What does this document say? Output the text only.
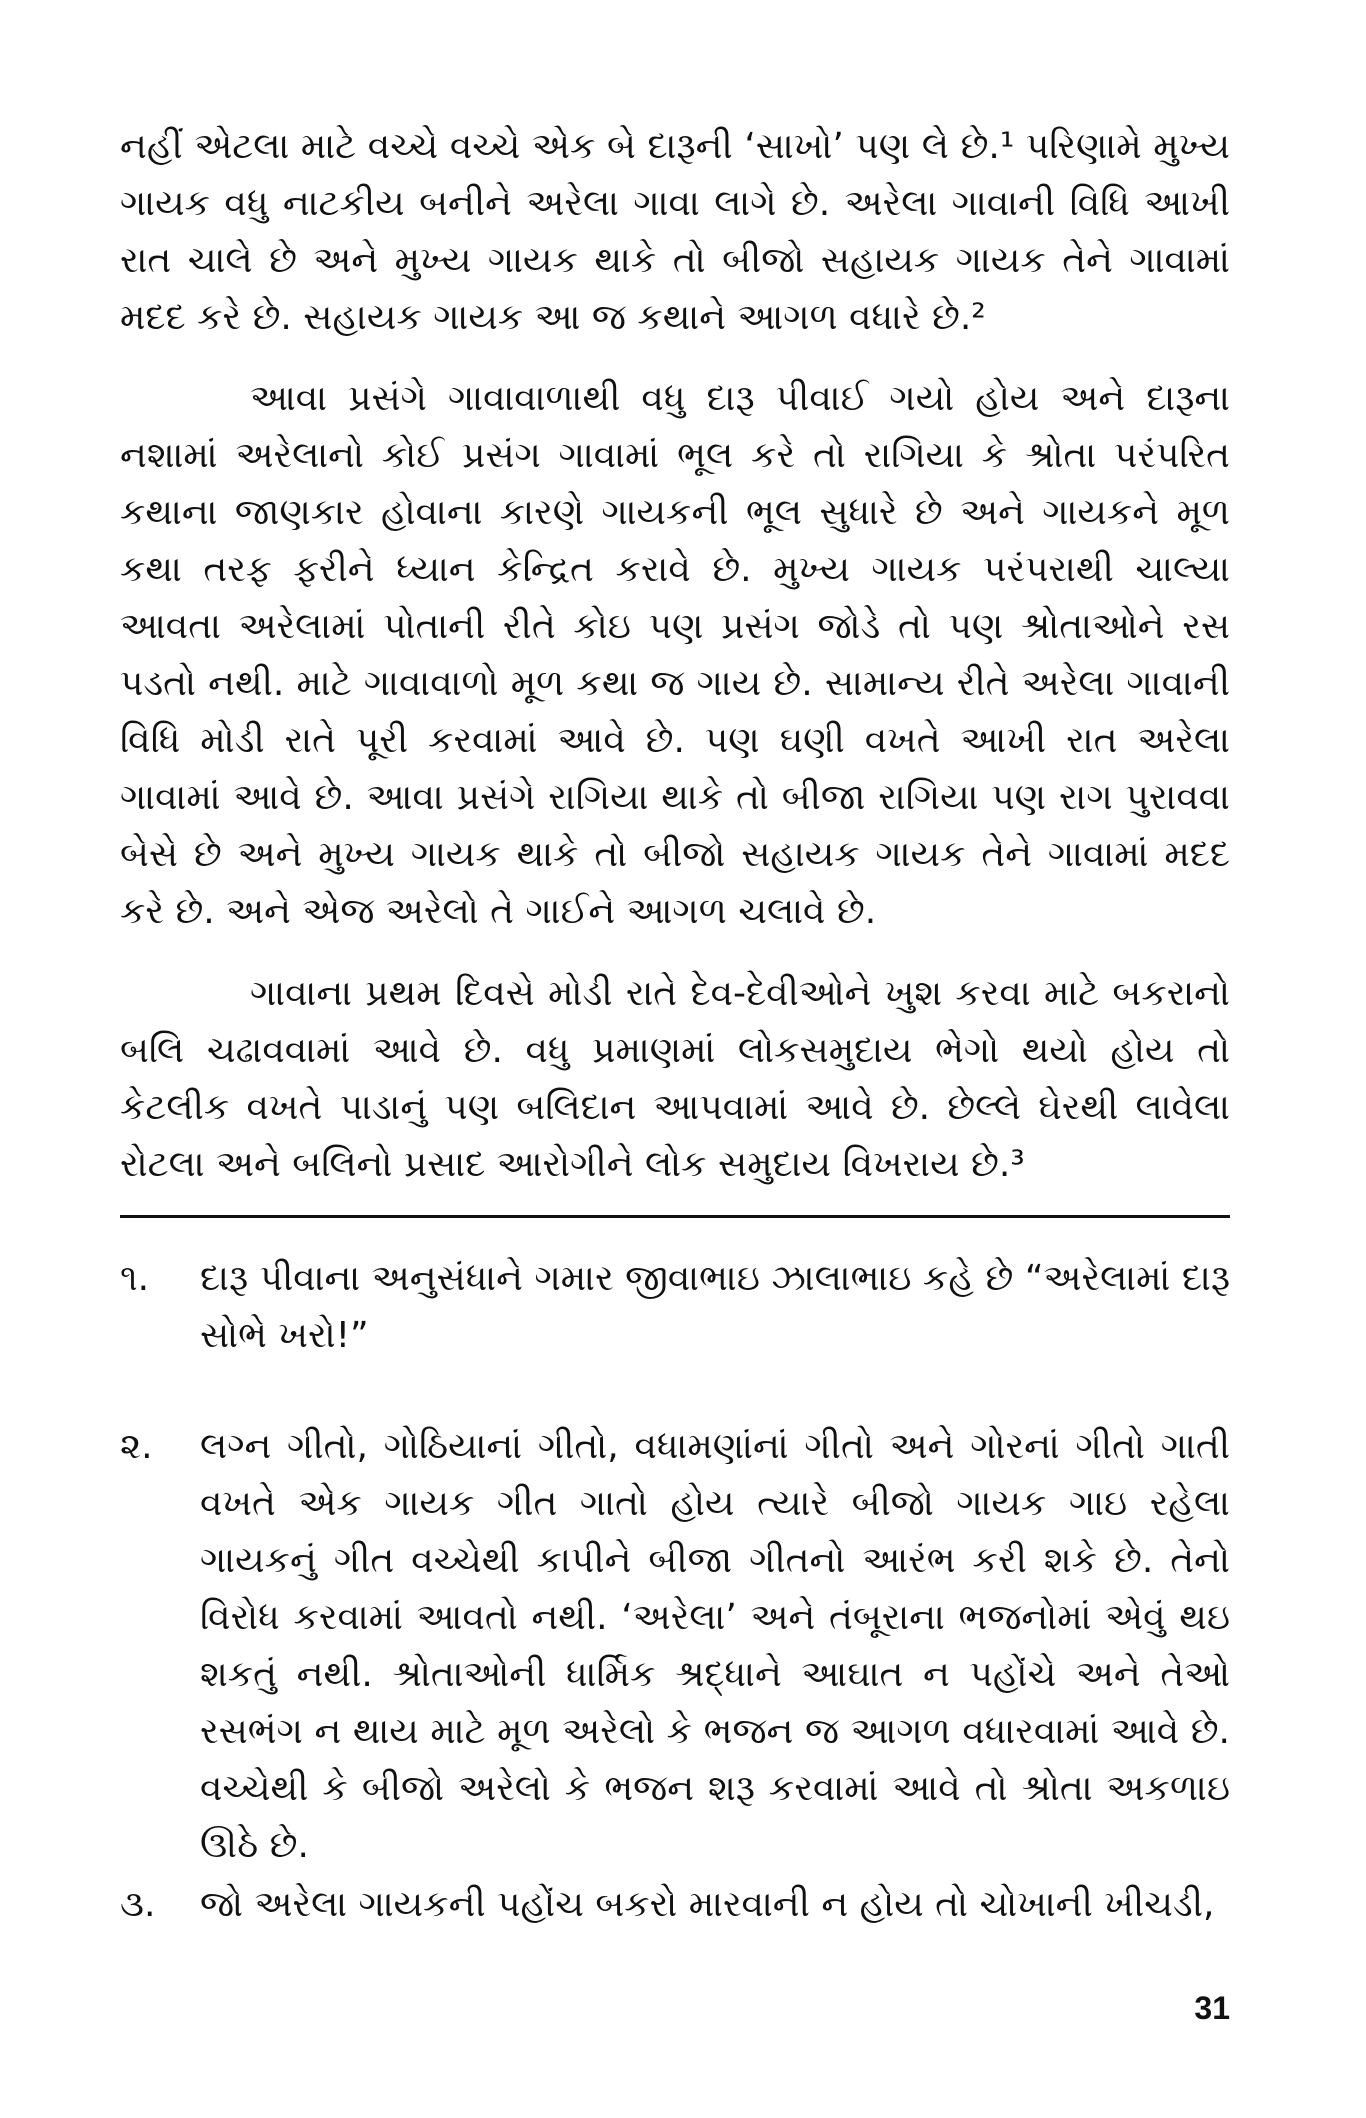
નહીં એટલા માટે વચ્ચે વચ્ચે એક બે દારૂની ‘સાખો’ પણ લે છે.¹ પરિણામે મુખ્ય ગાયક વધુ નાટકીય બનીને અરેલા ગાવા લાગે છે. અરેલા ગાવાની વિધિ આખી રાત ચાલે છે અને મુખ્ય ગાયક થાકે તો બીજો સહાયક ગાયક તેને ગાવામાં મદદ કરે છે. સહાયક ગાયક આ જ કથાને આગળ વધારે છે.²

આવા પ્રસંગે ગાવાવાળાથી વધુ દારૂ પીવાઈ ગયો હોય અને દારૂના નશામાં અરેલાનો કોઈ પ્રસંગ ગાવામાં ભૂલ કરે તો રાગિયા કે શ્રોતા પરંપરિત કથાના જાણકાર હોવાના કારણે ગાયકની ભૂલ સુધારે છે અને ગાયકને મૂળ કથા તરફ ફરીને ધ્યાન કેન્દ્રિત કરાવે છે. મુખ્ય ગાયક પરંપરાથી ચાલ્યા આવતા અરેલામાં પોતાની રીતે કોઇ પણ પ્રસંગ જોડે તો પણ શ્રોતાઓને રસ પડતો નથી. માટે ગાવાવાળો મૂળ કથા જ ગાય છે. સામાન્ય રીતે અરેલા ગાવાની વિધિ મોડી રાતે પૂરી કરવામાં આવે છે. પણ ઘણી વખતે આખી રાત અરેલા ગાવામાં આવે છે. આવા પ્રસંગે રાગિયા થાકે તો બીજા રાગિયા પણ રાગ પુરાવવા બેસે છે અને મુખ્ય ગાયક થાકે તો બીજો સહાયક ગાયક તેને ગાવામાં મદદ કરે છે. અને એજ અરેલો તે ગાઈને આગળ ચલાવે છે.

ગાવાના પ્રથમ દિવસે મોડી રાતે દેવ-દેવીઓને ખુશ કરવા માટે બકરાનો બલિ ચઢાવવામાં આવે છે. વધુ પ્રમાણમાં લોકસમુદાય ભેગો થયો હોય તો કેટલીક વખતે પાડાનું પણ બલિદાન આપવામાં આવે છે. છેલ્લે ઘેરથી લાવેલા રોટલા અને બલિનો પ્રસાદ આરોગીને લોક સમુદાય વિખરાય છે.³

૧.	દારૂ પીવાના અનુસંધાને ગમાર જીવાભાઇ ઝાલાભાઇ કહે છે “અરેલામાં દારૂ સોભે ખરો!”
૨.	લગ્ન ગીતો, ગોઠિયાનાં ગીતો, વધામણાંનાં ગીતો અને ગોરનાં ગીતો ગાતી વખતે એક ગાયક ગીત ગાતો હોય ત્યારે બીજો ગાયક ગાઇ રહેલા ગાયકનું ગીત વચ્ચેથી કાપીને બીજા ગીતનો આરંભ કરી શકે છે. તેનો વિરોધ કરવામાં આવતો નથી. ‘અરેલા’ અને તંબૂરાના ભજનોમાં એવું થઇ શકતું નથી. શ્રોતાઓની ધાર્મિક શ્રદ્ધાને આઘાત ન પહોંચે અને તેઓ રસભંગ ન થાય માટે મૂળ અરેલો કે ભજન જ આગળ વધારવામાં આવે છે. વચ્ચેથી કે બીજો અરેલો કે ભજન શરૂ કરવામાં આવે તો શ્રોતા અકળાઇ ઊઠે છે.
૩.	જો અરેલા ગાયકની પહોંચ બકરો મારવાની ન હોય તો ચોખાની ખીચડી,
31
